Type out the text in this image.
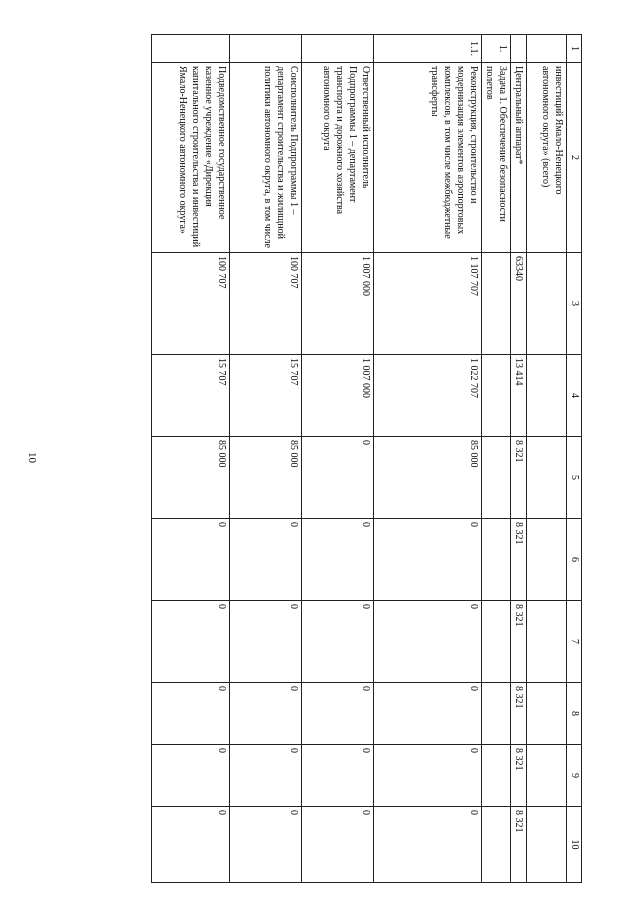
10
1	2	3	4	5	6	7	8	9	10
	инвестиций Ямало-Ненецкого автономного округа» (всего)								
	Центральный аппарат*	63340	13 414	8 321	8 321	8 321	8 321	8 321	8 321
1.	Задача 1. Обеспечение безопасности полетов								
1.1.	Реконструкция, строительство и модернизация элементов аэропортовых комплексов, в том числе межбюджетные трансферты	1 107 707	1 022 707	85 000	0	0	0	0	0
	Ответственный исполнитель Подпрограммы 1 – департамент транспорта и дорожного хозяйства автономного округа	1 007 000	1 007 000	0	0	0	0	0	0
	Соисполнитель Подпрограммы 1 – департамент строительства и жилищной политики автономного округа, в том числе	100 707	15 707	85 000	0	0	0	0	0
	Подведомственное государственное казенное учреждение «Дирекция капитального строительства и инвестиций Ямало-Ненецкого автономного округа»	100 707	15 707	85 000	0	0	0	0	0
